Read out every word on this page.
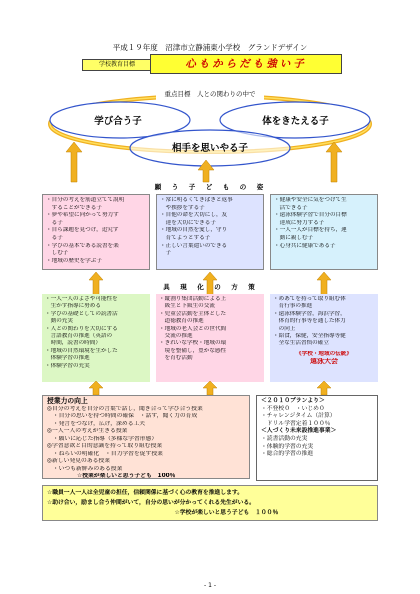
平成１９年度　沼津市立静浦東小学校　グランドデザイン
学校教育目標	心もからだも強い子
重点目標　人との関わりの中で
学び合う子	体をきたえる子
相手を思いやる子
願　う　子　ど　も　の　姿
・自分の考えを筋道立てて説明
　することができる子
・夢や希望に向かって努力す
　る子
・自ら課題を見つけ，追究す
　る子
・学びの基本である読書を楽
　しむ子
・地域の歴史を学ぶ子
・常に明るくてきぱきと返事
　や挨拶をする子
・自他の命を大切にし，友
　達を大切にできる子
・地域の自然を愛し，守り
　育てようとする子
・正しい言葉遣いのできる
　子
・健康や安全に気をつけて生
　活できる子
・遠泳体験学習で自分の目標
　達成に努力する子
・一人一人が目標を持ち，運
　動に親しむ子
・心身共に健康である子
具　現　化　の　方　策
・一人一人のよさや可能性を
　生かす指導に努める
・学びの基礎としての読書活
　動の充実
・人との関わりを大切にする
　言語教育の推進（英語の
　時間，読書の時間）
・地域の自然環境を生かした
　体験学習の推進
・体験学習の充実
・縦割り集団活動による上
　級生と下級生の交流
・児童会活動を主体とした
　道徳教育の推進
・地域の老人会との世代間
　交流の推進
・きれいな学校・地域の環
　境を整備し，豊かな感性
　を育む活動
・めあてを持って取り組む体
　育行事の推進
・遠泳体験学習，海浜学習，
　体育的行事等を通した体力
　の向上
・給食，保健，安全指導等健
　全な生活習慣の確立
《学校・地域の伝統》
遠泳大会
授業力の向上
◎自分の考えを自分の言葉で話し，聞き合って学び合う授業
　・自分の思いを持つ時間の確保　・話す，聞く力の育成
　・発言をつなげ，広げ，深める工夫
◎一人一人の考えが生きる授業
　・願いに応じた指導（多様な学習形態）
◎学習意欲と目的意識を持って取り組む授業
　・ねらいの明確化　・自力学習を促す授業
◎新しい発見のある授業
　・いつも新鮮みのある授業
☆授業が楽しいと思う子ども　100％
＜２０１０プランより＞
・不登校０　・いじめ０
・チャレンジタイム（計算）
　ドリル学習定着１００％
＜人づくり未来設推進事業＞
・読書活動の充実
・体験的学習の充実
・総合的学習の推進
☆職員一人一人は全児童の担任，信頼関係に基づく心の教育を推進します。
☆助け合い，励まし合う仲間がいて，自分の思いが分かってくれる先生がいる。
　　　　　　　　　　　　　　　　　　　　　　☆学校が楽しいと思う子ども　１００％
- 1 -
